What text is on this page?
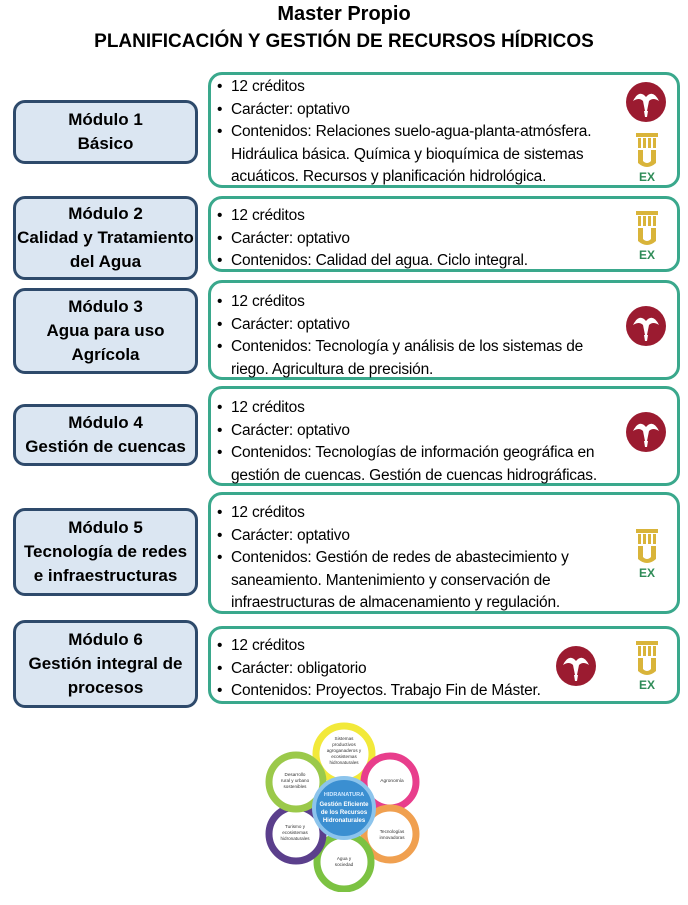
Master Propio
PLANIFICACIÓN Y GESTIÓN DE RECURSOS HÍDRICOS
Módulo 1
Básico
• 12 créditos
• Carácter: optativo
• Contenidos: Relaciones suelo-agua-planta-atmósfera. Hidráulica básica. Química y bioquímica de sistemas acuáticos. Recursos y planificación hidrológica.	EX
Módulo 2
Calidad y Tratamiento
del Agua
• 12 créditos
• Carácter: optativo
• Contenidos: Calidad del agua. Ciclo integral.	EX
Módulo 3
Agua para uso
Agrícola
• 12 créditos
• Carácter: optativo
• Contenidos: Tecnología y análisis de los sistemas de riego. Agricultura de precisión.
Módulo 4
Gestión de cuencas
• 12 créditos
• Carácter: optativo
• Contenidos: Tecnologías de información geográfica en gestión de cuencas. Gestión de cuencas hidrográficas.
Módulo 5
Tecnología de redes
e infraestructuras
• 12 créditos
• Carácter: optativo
• Contenidos: Gestión de redes de abastecimiento y saneamiento. Mantenimiento y conservación de infraestructuras de almacenamiento y regulación.
EX
Módulo 6
Gestión integral de
procesos
• 12 créditos
• Carácter: obligatorio
• Contenidos: Proyectos. Trabajo Fin de Máster.	EX
HIDRANATURA
Gestión Eficiente
de los Recursos
Hidronaturales
Sistemas
productivos
agroganaderos y
ecosistemas
hidronaturales
Agronomía
Tecnologías
innovadoras
Agua y
sociedad
Turismo y
ecosistemas
hidronaturales
Desarrollo
rural y urbano
sostenibles
